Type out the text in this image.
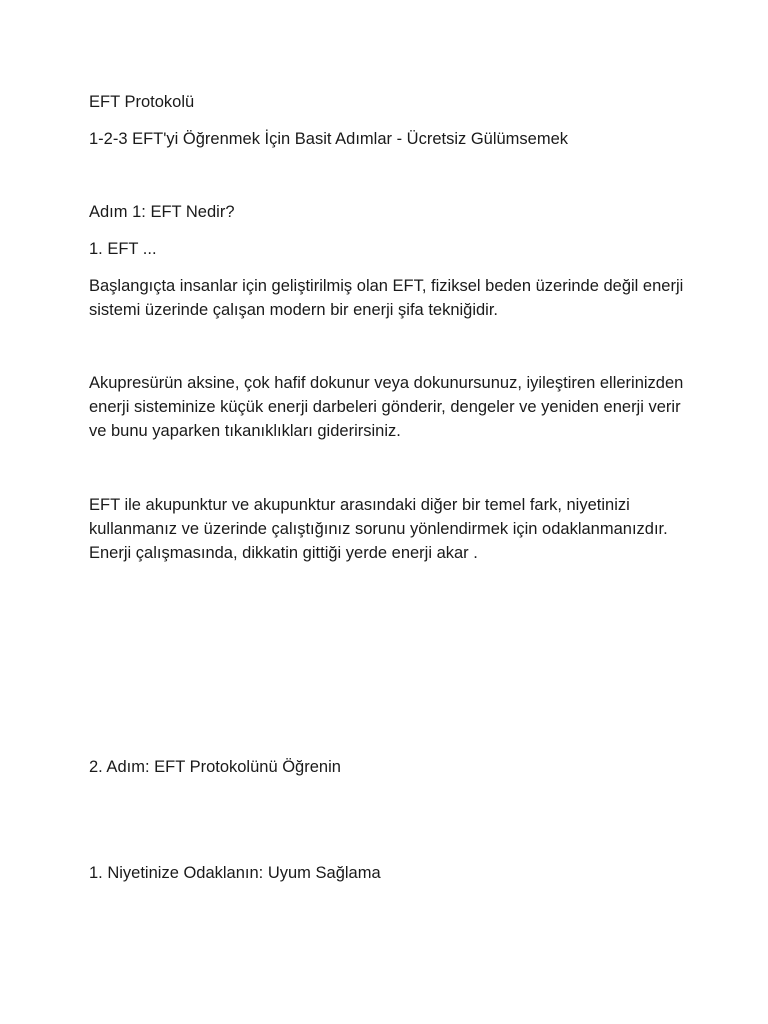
EFT Protokolü

1-2-3 EFT'yi Öğrenmek İçin Basit Adımlar - Ücretsiz Gülümsemek

Adım 1: EFT Nedir?

1. EFT ...

Başlangıçta insanlar için geliştirilmiş olan EFT, fiziksel beden üzerinde değil enerji sistemi üzerinde çalışan modern bir enerji şifa tekniğidir.

Akupresürün aksine, çok hafif dokunur veya dokunursunuz, iyileştiren ellerinizden enerji sisteminize küçük enerji darbeleri gönderir, dengeler ve yeniden enerji verir ve bunu yaparken tıkanıklıkları giderirsiniz.

EFT ile akupunktur ve akupunktur arasındaki diğer bir temel fark, niyetinizi kullanmanız ve üzerinde çalıştığınız sorunu yönlendirmek için odaklanmanızdır. Enerji çalışmasında, dikkatin gittiği yerde enerji akar .

2. Adım: EFT Protokolünü Öğrenin

1. Niyetinize Odaklanın: Uyum Sağlama
